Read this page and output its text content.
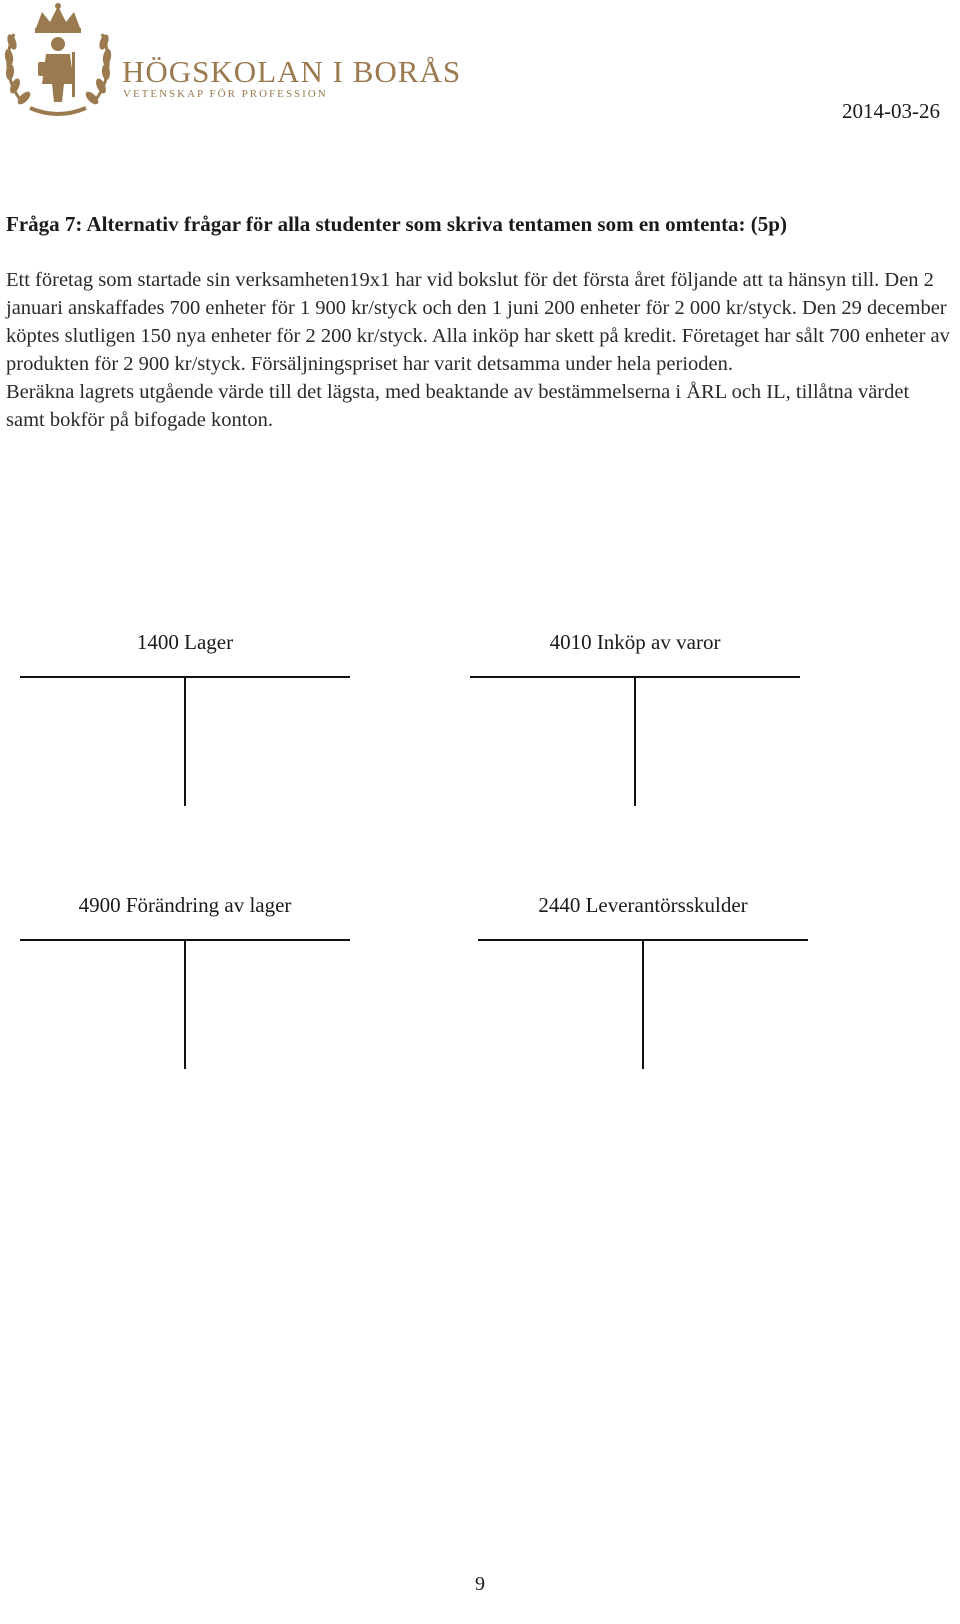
HÖGSKOLAN I BORÅS
VETENSKAP FÖR PROFESSION
2014-03-26
Fråga 7: Alternativ frågar för alla studenter som skriva tentamen som en omtenta: (5p)

Ett företag som startade sin verksamheten19x1 har vid bokslut för det första året följande att ta hänsyn till. Den 2 januari anskaffades 700 enheter för 1 900 kr/styck och den 1 juni 200 enheter för 2 000 kr/styck. Den 29 december köptes slutligen 150 nya enheter för 2 200 kr/styck. Alla inköp har skett på kredit. Företaget har sålt 700 enheter av produkten för 2 900 kr/styck. Försäljningspriset har varit detsamma under hela perioden.

Beräkna lagrets utgående värde till det lägsta, med beaktande av bestämmelserna i ÅRL och IL, tillåtna värdet samt bokför på bifogade konton.

1400 Lager	4010 Inköp av varor
4900 Förändring av lager	2440 Leverantörsskulder
9
